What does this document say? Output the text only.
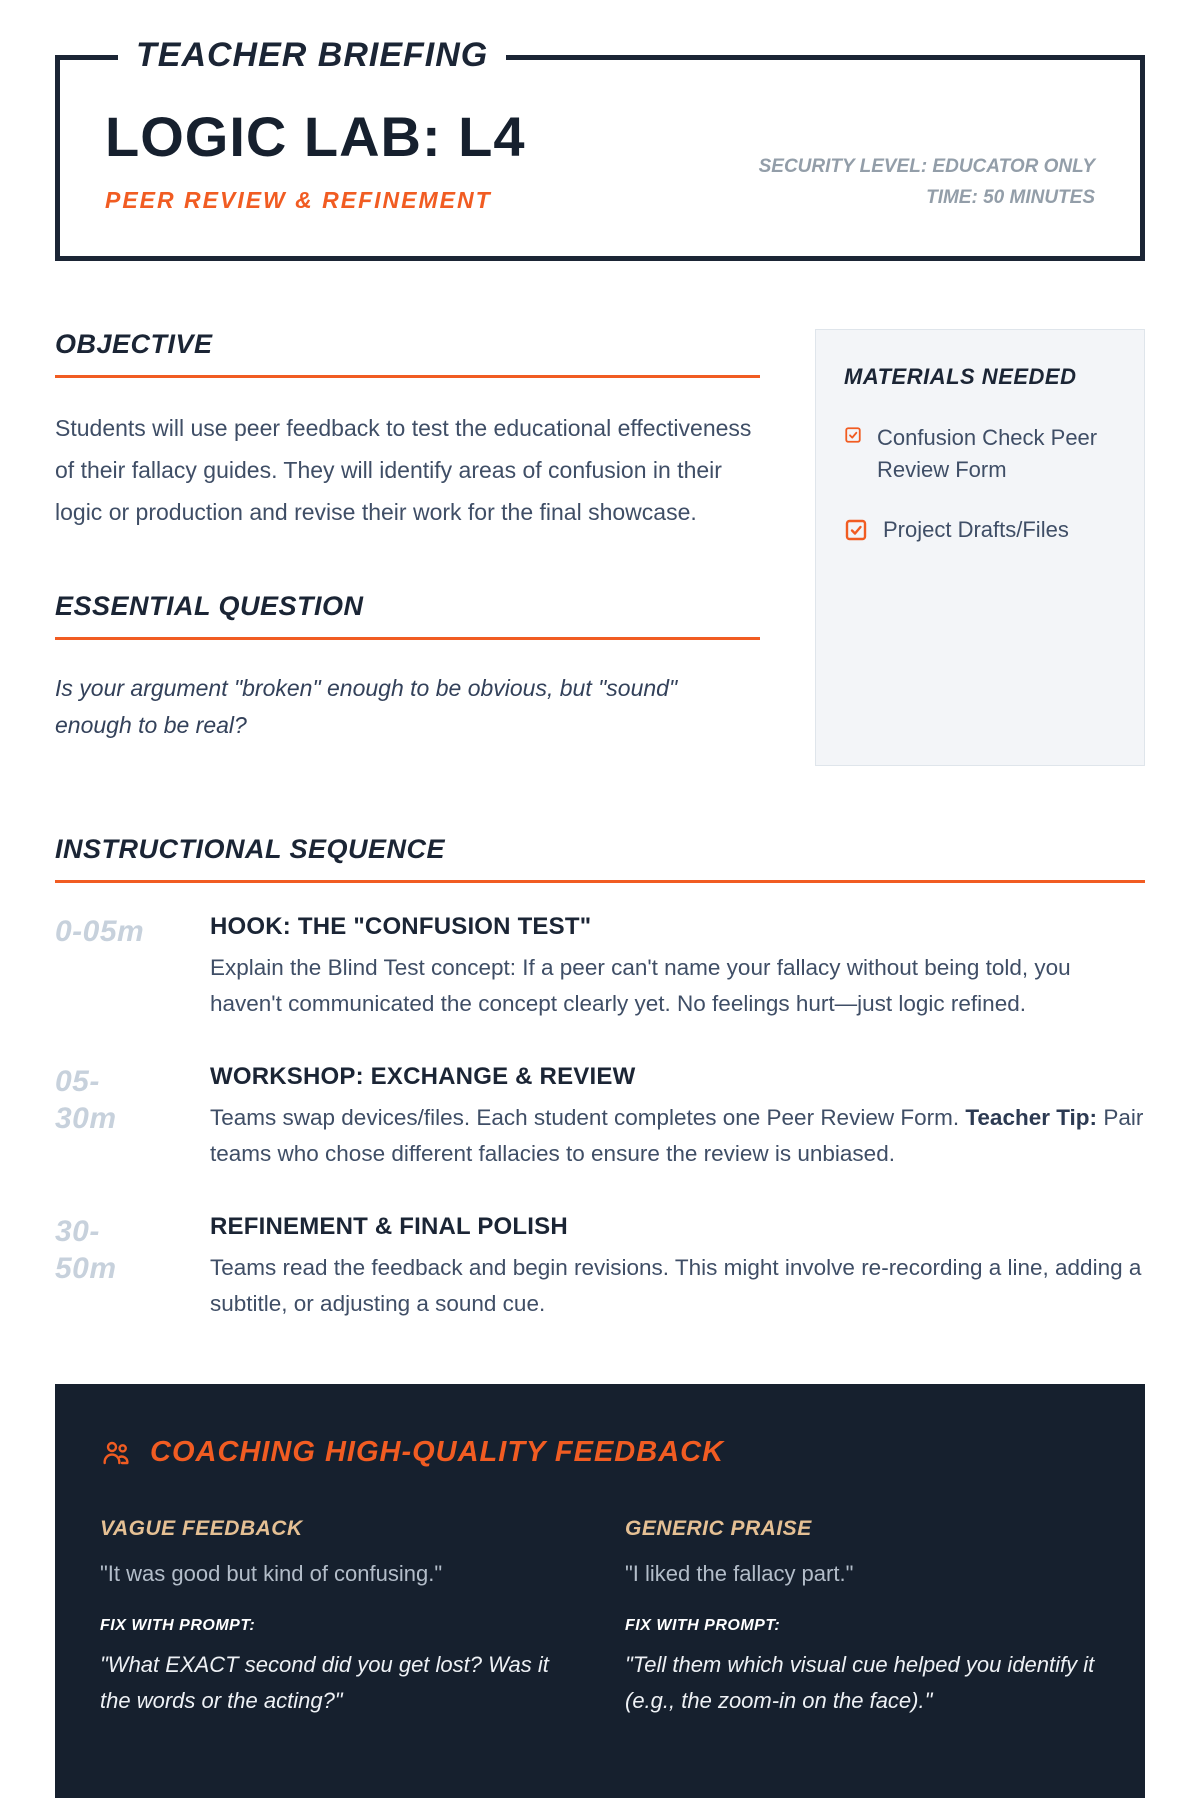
TEACHER BRIEFING
LOGIC LAB: L4
PEER REVIEW & REFINEMENT
SECURITY LEVEL: EDUCATOR ONLY
TIME: 50 MINUTES
OBJECTIVE

Students will use peer feedback to test the educational effectiveness of their fallacy guides. They will identify areas of confusion in their logic or production and revise their work for the final showcase.

ESSENTIAL QUESTION

Is your argument "broken" enough to be obvious, but "sound" enough to be real?

MATERIALS NEEDED
Confusion Check Peer Review Form
Project Drafts/Files
INSTRUCTIONAL SEQUENCE
0-05m	HOOK: THE "CONFUSION TEST"
Explain the Blind Test concept: If a peer can't name your fallacy without being told, you haven't communicated the concept clearly yet. No feelings hurt—just logic refined.
05-30m
WORKSHOP: EXCHANGE & REVIEW
Teams swap devices/files. Each student completes one Peer Review Form. Teacher Tip: Pair teams who chose different fallacies to ensure the review is unbiased.
30-50m
REFINEMENT & FINAL POLISH
Teams read the feedback and begin revisions. This might involve re-recording a line, adding a subtitle, or adjusting a sound cue.
COACHING HIGH-QUALITY FEEDBACK
VAGUE FEEDBACK
"It was good but kind of confusing."
FIX WITH PROMPT:
"What EXACT second did you get lost? Was it the words or the acting?"
GENERIC PRAISE
"I liked the fallacy part."
FIX WITH PROMPT:
"Tell them which visual cue helped you identify it (e.g., the zoom-in on the face)."
